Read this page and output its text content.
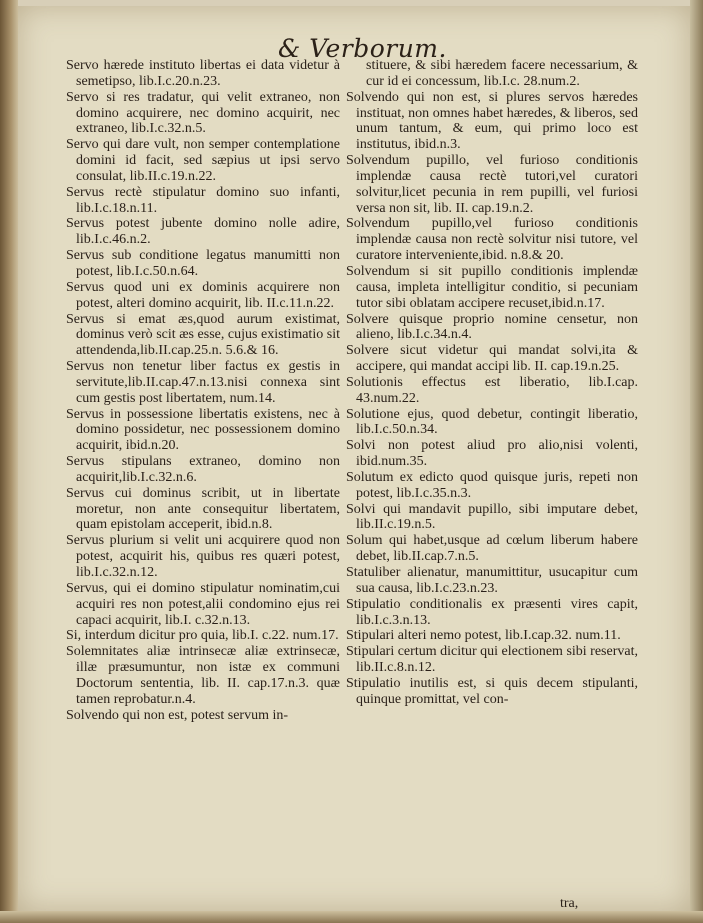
& Verborum.

Servo hærede instituto libertas ei data videtur à semetipso, lib.I.c.20.n.23.

Servo si res tradatur, qui velit extraneo, non domino acquirere, nec domino acquirit, nec extraneo, lib.I.c.32.n.5.

Servo qui dare vult, non semper contemplatione domini id facit, sed sæpius ut ipsi servo consulat, lib.II.c.19.n.22.

Servus rectè stipulatur domino suo infanti, lib.I.c.18.n.11.

Servus potest jubente domino nolle adire, lib.I.c.46.n.2.

Servus sub conditione legatus manumitti non potest, lib.I.c.50.n.64.

Servus quod uni ex dominis acquirere non potest, alteri domino acquirit, lib. II.c.11.n.22.

Servus si emat æs,quod aurum existimat, dominus verò scit æs esse, cujus existimatio sit attendenda,lib.II.cap.25.n. 5.6.& 16.

Servus non tenetur liber factus ex gestis in servitute,lib.II.cap.47.n.13.nisi connexa sint cum gestis post libertatem, num.14.

Servus in possessione libertatis existens, nec à domino possidetur, nec possessionem domino acquirit, ibid.n.20.

Servus stipulans extraneo, domino non acquirit,lib.I.c.32.n.6.

Servus cui dominus scribit, ut in libertate moretur, non ante consequitur libertatem, quam epistolam acceperit, ibid.n.8.

Servus plurium si velit uni acquirere quod non potest, acquirit his, quibus res quæri potest, lib.I.c.32.n.12.

Servus, qui ei domino stipulatur nominatim,cui acquiri res non potest,alii condomino ejus rei capaci acquirit, lib.I. c.32.n.13.

Si, interdum dicitur pro quia, lib.I. c.22. num.17.

Solemnitates aliæ intrinsecæ aliæ extrinsecæ, illæ præsumuntur, non istæ ex communi Doctorum sententia, lib. II. cap.17.n.3. quæ tamen reprobatur.n.4.

Solvendo qui non est, potest servum in-

stituere, & sibi hæredem facere necessarium, & cur id ei concessum, lib.I.c. 28.num.2.

Solvendo qui non est, si plures servos hæredes instituat, non omnes habet hæredes, & liberos, sed unum tantum, & eum, qui primo loco est institutus, ibid.n.3.

Solvendum pupillo, vel furioso conditionis implendæ causa rectè tutori,vel curatori solvitur,licet pecunia in rem pupilli, vel furiosi versa non sit, lib. II. cap.19.n.2.

Solvendum pupillo,vel furioso conditionis implendæ causa non rectè solvitur nisi tutore, vel curatore interveniente,ibid. n.8.& 20.

Solvendum si sit pupillo conditionis implendæ causa, impleta intelligitur conditio, si pecuniam tutor sibi oblatam accipere recuset,ibid.n.17.

Solvere quisque proprio nomine censetur, non alieno, lib.I.c.34.n.4.

Solvere sicut videtur qui mandat solvi,ita & accipere, qui mandat accipi lib. II. cap.19.n.25.

Solutionis effectus est liberatio, lib.I.cap. 43.num.22.

Solutione ejus, quod debetur, contingit liberatio, lib.I.c.50.n.34.

Solvi non potest aliud pro alio,nisi volenti, ibid.num.35.

Solutum ex edicto quod quisque juris, repeti non potest, lib.I.c.35.n.3.

Solvi qui mandavit pupillo, sibi imputare debet, lib.II.c.19.n.5.

Solum qui habet,usque ad cœlum liberum habere debet, lib.II.cap.7.n.5.

Statuliber alienatur, manumittitur, usucapitur cum sua causa, lib.I.c.23.n.23.

Stipulatio conditionalis ex præsenti vires capit, lib.I.c.3.n.13.

Stipulari alteri nemo potest, lib.I.cap.32. num.11.

Stipulari certum dicitur qui electionem sibi reservat, lib.II.c.8.n.12.

Stipulatio inutilis est, si quis decem stipulanti, quinque promittat, vel con-

tra,
